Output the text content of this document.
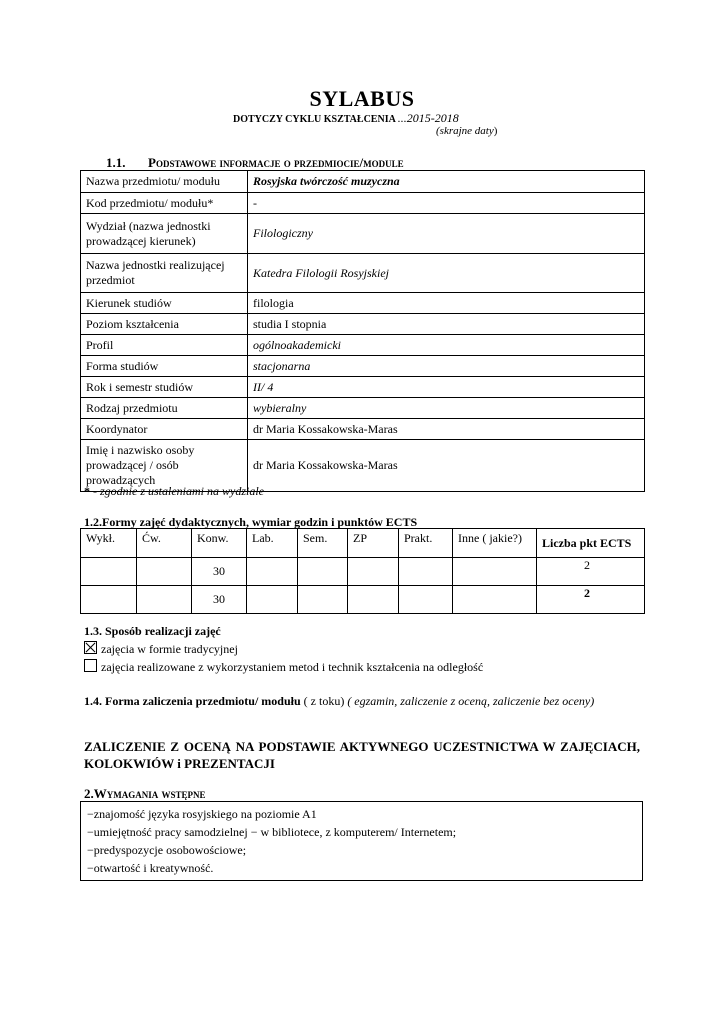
SYLABUS
DOTYCZY CYKLU KSZTAŁCENIA ...2015-2018
(skrajne daty)
1.1. Podstawowe informacje o przedmiocie/module
Nazwa przedmiotu/ modułu	Rosyjska twórczość muzyczna
Kod przedmiotu/ modułu*	-
Wydział (nazwa jednostki prowadzącej kierunek)	Filologiczny
Nazwa jednostki realizującej przedmiot	Katedra Filologii Rosyjskiej
Kierunek studiów	filologia
Poziom kształcenia	studia I stopnia
Profil	ogólnoakademicki
Forma studiów	stacjonarna
Rok i semestr studiów	II/ 4
Rodzaj przedmiotu	wybieralny
Koordynator	dr Maria Kossakowska-Maras
Imię i nazwisko osoby prowadzącej / osób prowadzących	dr Maria Kossakowska-Maras
* - zgodnie z ustaleniami na wydziale
1.2.Formy zajęć dydaktycznych, wymiar godzin i punktów ECTS
Wykł.	Ćw.	Konw.	Lab.	Sem.	ZP	Prakt.	Inne ( jakie?)	Liczba pkt ECTS
		30						2
		30						2
1.3. Sposób realizacji zajęć
zajęcia w formie tradycyjnej
zajęcia realizowane z wykorzystaniem metod i technik kształcenia na odległość
1.4. Forma zaliczenia przedmiotu/ modułu ( z toku) ( egzamin, zaliczenie z oceną, zaliczenie bez oceny)
ZALICZENIE Z OCENĄ NA PODSTAWIE AKTYWNEGO UCZESTNICTWA W ZAJĘCIACH, KOLOKWIÓW i PREZENTACJI
2.Wymagania wstępne
−znajomość języka rosyjskiego na poziomie A1
−umiejętność pracy samodzielnej − w bibliotece, z komputerem/ Internetem;
−predyspozycje osobowościowe;
−otwartość i kreatywność.
